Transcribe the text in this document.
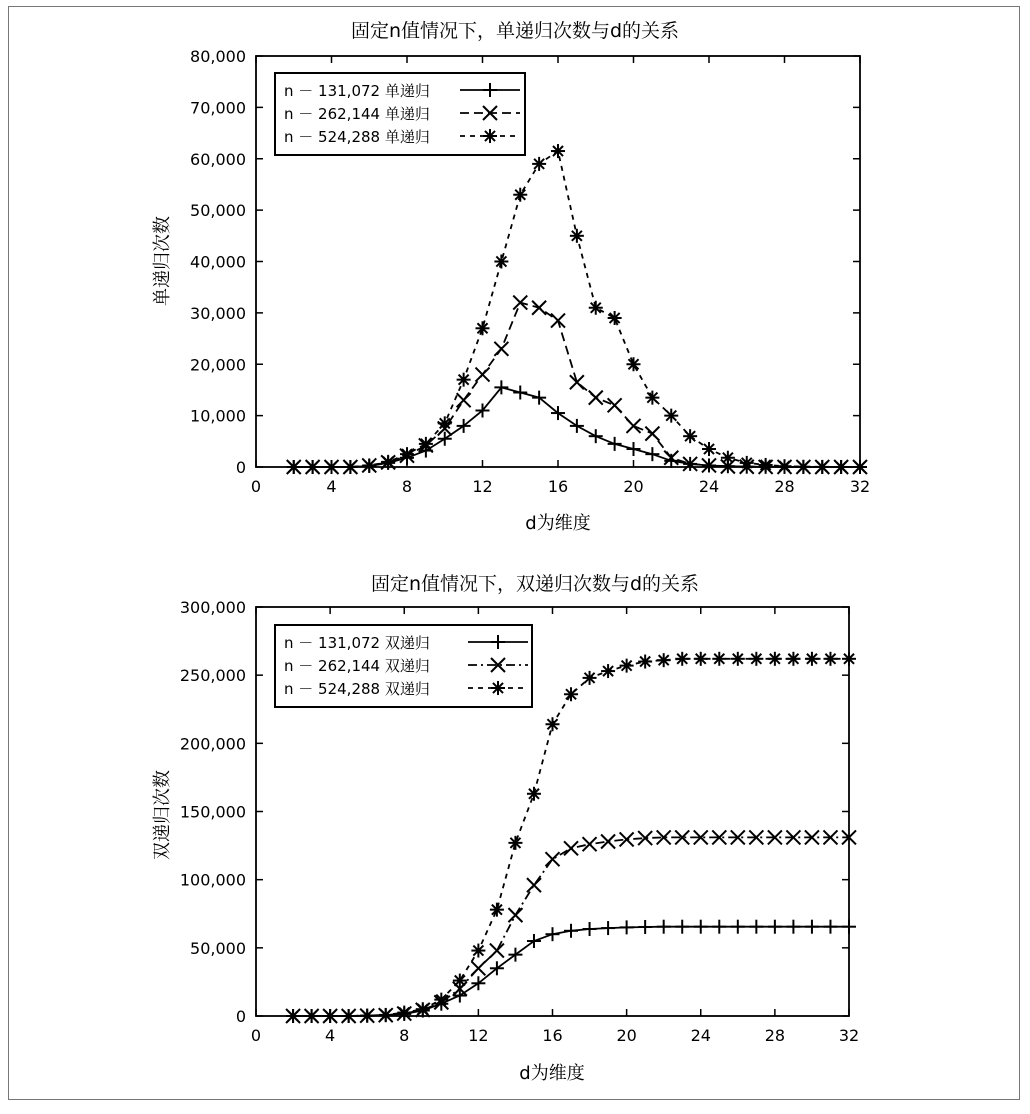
固定n值情况下，单递归次数与d的关系
0	4	8	12	16	20	24	28	32
0
10,000
20,000
30,000
40,000
50,000
60,000
70,000
80,000
d为维度
单递归次数
n － 131,072 单递归
n － 262,144 单递归
n － 524,288 单递归
固定n值情况下，双递归次数与d的关系
0	4	8	12	16	20	24	28	32
0
50,000
100,000
150,000
200,000
250,000
300,000
d为维度
双递归次数
n － 131,072 双递归
n － 262,144 双递归
n － 524,288 双递归
